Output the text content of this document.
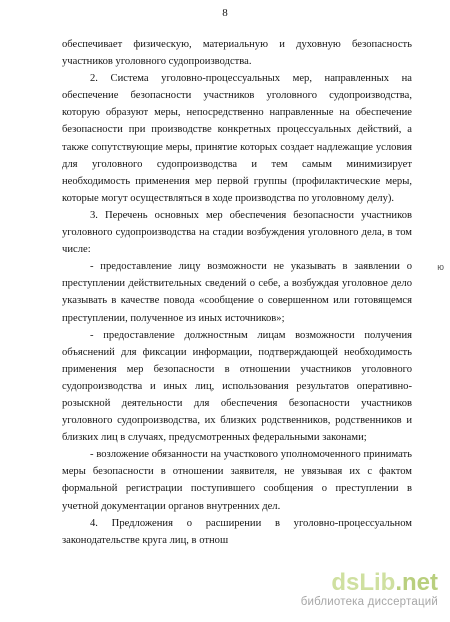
8

обеспечивает физическую, материальную и духовную безопасность участников уголовного судопроизводства.

2. Система уголовно-процессуальных мер, направленных на обеспечение безопасности участников уголовного судопроизводства, которую образуют меры, непосредственно направленные на обеспечение безопасности при производстве конкретных процессуальных действий, а также сопутствующие меры, принятие которых создает надлежащие условия для уголовного судопроизводства и тем самым минимизирует необходимость применения мер первой группы (профилактические меры, которые могут осуществляться в ходе производства по уголовному делу).

3. Перечень основных мер обеспечения безопасности участников уголовного судопроизводства на стадии возбуждения уголовного дела, в том числе:

- предоставление лицу возможности не указывать в заявлении о преступлении действительных сведений о себе, а возбуждая уголовное дело указывать в качестве повода «сообщение о совершенном или готовящемся преступлении, полученное из иных источников»;

- предоставление должностным лицам возможности получения объяснений для фиксации информации, подтверждающей необходимость применения мер безопасности в отношении участников уголовного судопроизводства и иных лиц, использования результатов оперативно-розыскной деятельности для обеспечения безопасности участников уголовного судопроизводства, их близких родственников, родственников и близких лиц в случаях, предусмотренных федеральными законами;

- возложение обязанности на участкового уполномоченного принимать меры безопасности в отношении заявителя, не увязывая их с фактом формальной регистрации поступившего сообщения о преступлении в учетной документации органов внутренних дел.

4. Предложения о расширении в уголовно-процессуальном законодательстве круга лиц, в отнош

ю
dsLib.net
библиотека диссертаций
